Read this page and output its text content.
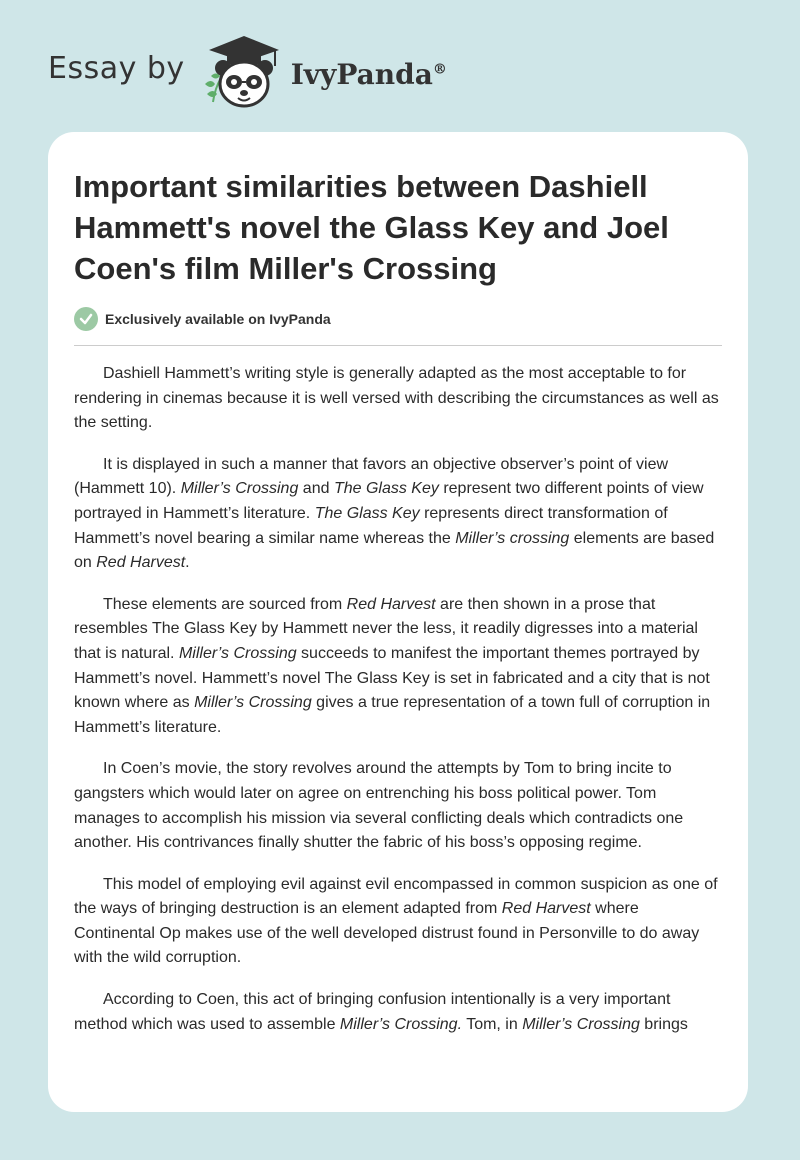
Essay by	IvyPanda®
Important similarities between Dashiell Hammett's novel the Glass Key and Joel Coen's film Miller's Crossing
Exclusively available on IvyPanda

Dashiell Hammett’s writing style is generally adapted as the most acceptable to for rendering in cinemas because it is well versed with describing the circumstances as well as the setting.

It is displayed in such a manner that favors an objective observer’s point of view (Hammett 10). Miller’s Crossing and The Glass Key represent two different points of view portrayed in Hammett’s literature. The Glass Key represents direct transformation of Hammett’s novel bearing a similar name whereas the Miller’s crossing elements are based on Red Harvest.

These elements are sourced from Red Harvest are then shown in a prose that resembles The Glass Key by Hammett never the less, it readily digresses into a material that is natural. Miller’s Crossing succeeds to manifest the important themes portrayed by Hammett’s novel. Hammett’s novel The Glass Key is set in fabricated and a city that is not known where as Miller’s Crossing gives a true representation of a town full of corruption in Hammett’s literature.

In Coen’s movie, the story revolves around the attempts by Tom to bring incite to gangsters which would later on agree on entrenching his boss political power. Tom manages to accomplish his mission via several conflicting deals which contradicts one another. His contrivances finally shutter the fabric of his boss’s opposing regime.

This model of employing evil against evil encompassed in common suspicion as one of the ways of bringing destruction is an element adapted from Red Harvest where Continental Op makes use of the well developed distrust found in Personville to do away with the wild corruption.

According to Coen, this act of bringing confusion intentionally is a very important method which was used to assemble Miller’s Crossing. Tom, in Miller’s Crossing brings
